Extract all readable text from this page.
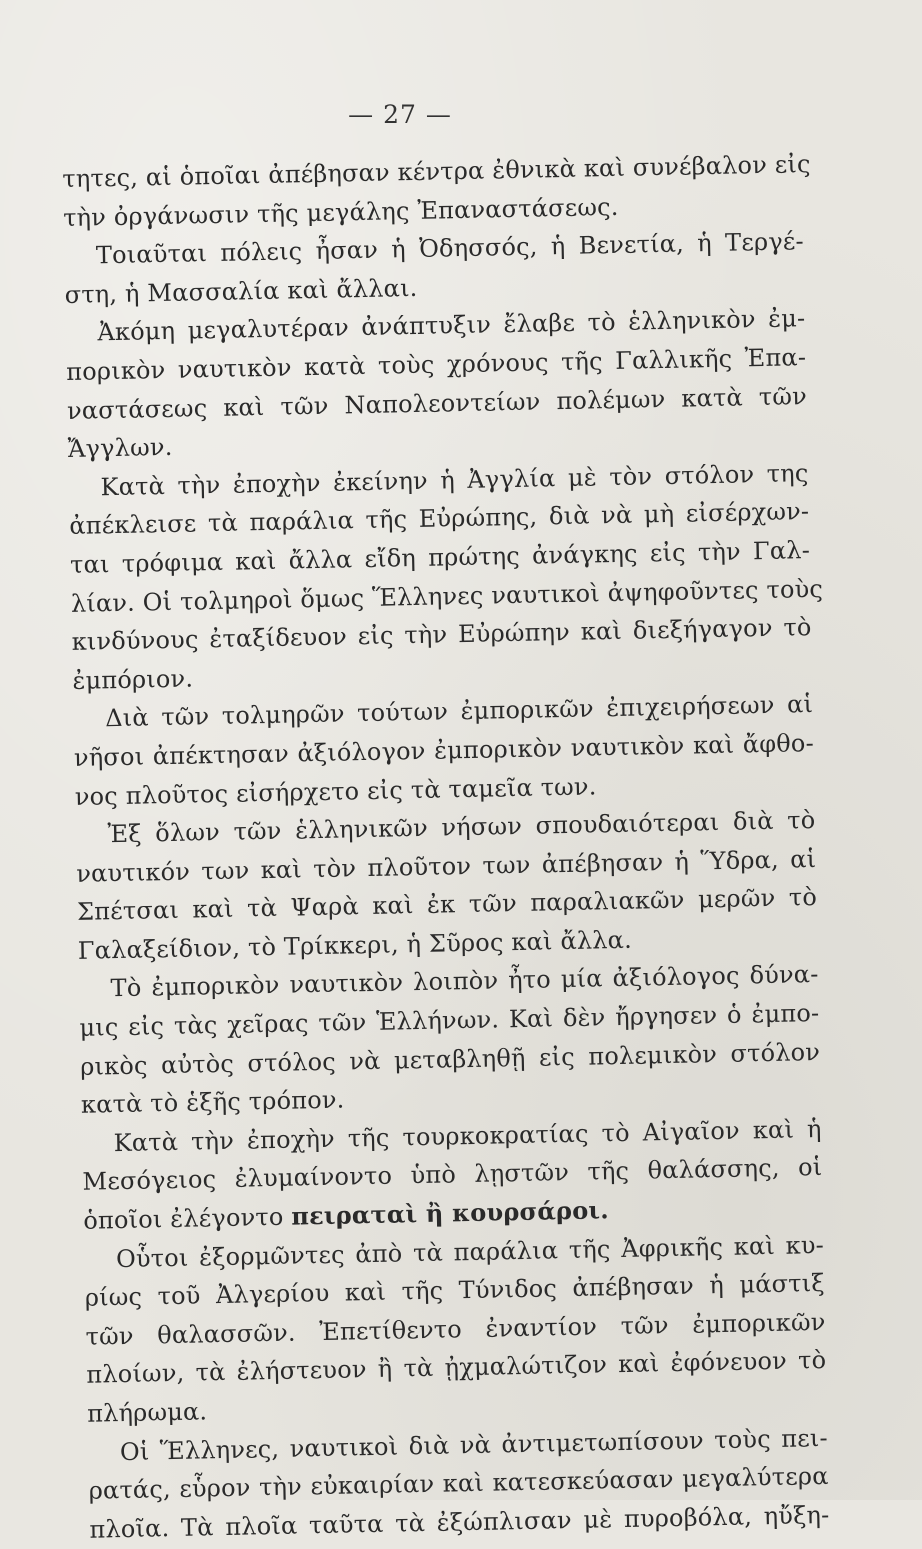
— 27 —
τητες, αἱ ὁποῖαι ἀπέβησαν κέντρα ἐθνικὰ καὶ συνέβαλον εἰς
τὴν ὀργάνωσιν τῆς μεγάλης Ἐπαναστάσεως.
Τοιαῦται πόλεις ἦσαν ἡ Ὀδησσός, ἡ Βενετία, ἡ Τεργέ-
στη, ἡ Μασσαλία καὶ ἄλλαι.
Ἀκόμη μεγαλυτέραν ἀνάπτυξιν ἔλαβε τὸ ἑλληνικὸν ἐμ-
πορικὸν ναυτικὸν κατὰ τοὺς χρόνους τῆς Γαλλικῆς Ἐπα-
ναστάσεως καὶ τῶν Ναπολεοντείων πολέμων κατὰ τῶν
Ἄγγλων.
Κατὰ τὴν ἐποχὴν ἐκείνην ἡ Ἀγγλία μὲ τὸν στόλον της
ἀπέκλεισε τὰ παράλια τῆς Εὐρώπης, διὰ νὰ μὴ εἰσέρχων-
ται τρόφιμα καὶ ἄλλα εἴδη πρώτης ἀνάγκης εἰς τὴν Γαλ-
λίαν. Οἱ τολμηροὶ ὅμως Ἕλληνες ναυτικοὶ ἀψηφοῦντες τοὺς
κινδύνους ἐταξίδευον εἰς τὴν Εὐρώπην καὶ διεξήγαγον τὸ
ἐμπόριον.
Διὰ τῶν τολμηρῶν τούτων ἐμπορικῶν ἐπιχειρήσεων αἱ
νῆσοι ἀπέκτησαν ἀξιόλογον ἐμπορικὸν ναυτικὸν καὶ ἄφθο-
νος πλοῦτος εἰσήρχετο εἰς τὰ ταμεῖα των.
Ἐξ ὅλων τῶν ἑλληνικῶν νήσων σπουδαιότεραι διὰ τὸ
ναυτικόν των καὶ τὸν πλοῦτον των ἀπέβησαν ἡ Ὕδρα, αἱ
Σπέτσαι καὶ τὰ Ψαρὰ καὶ ἐκ τῶν παραλιακῶν μερῶν τὸ
Γαλαξείδιον, τὸ Τρίκκερι, ἡ Σῦρος καὶ ἄλλα.
Τὸ ἐμπορικὸν ναυτικὸν λοιπὸν ἦτο μία ἀξιόλογος δύνα-
μις εἰς τὰς χεῖρας τῶν Ἑλλήνων. Καὶ δὲν ἤργησεν ὁ ἐμπο-
ρικὸς αὐτὸς στόλος νὰ μεταβληθῇ εἰς πολεμικὸν στόλον
κατὰ τὸ ἑξῆς τρόπον.
Κατὰ τὴν ἐποχὴν τῆς τουρκοκρατίας τὸ Αἰγαῖον καὶ ἡ
Μεσόγειος ἐλυμαίνοντο ὑπὸ λῃστῶν τῆς θαλάσσης, οἱ
ὁποῖοι ἐλέγοντο πειραταὶ ἢ κουρσάροι.
Οὗτοι ἐξορμῶντες ἀπὸ τὰ παράλια τῆς Ἀφρικῆς καὶ κυ-
ρίως τοῦ Ἀλγερίου καὶ τῆς Τύνιδος ἀπέβησαν ἡ μάστιξ
τῶν θαλασσῶν. Ἐπετίθεντο ἐναντίον τῶν ἐμπορικῶν
πλοίων, τὰ ἐλήστευον ἢ τὰ ᾐχμαλώτιζον καὶ ἐφόνευον τὸ
πλήρωμα.
Οἱ Ἕλληνες, ναυτικοὶ διὰ νὰ ἀντιμετωπίσουν τοὺς πει-
ρατάς, εὗρον τὴν εὐκαιρίαν καὶ κατεσκεύασαν μεγαλύτερα
πλοῖα. Τὰ πλοῖα ταῦτα τὰ ἐξώπλισαν μὲ πυροβόλα, ηὔξη-
